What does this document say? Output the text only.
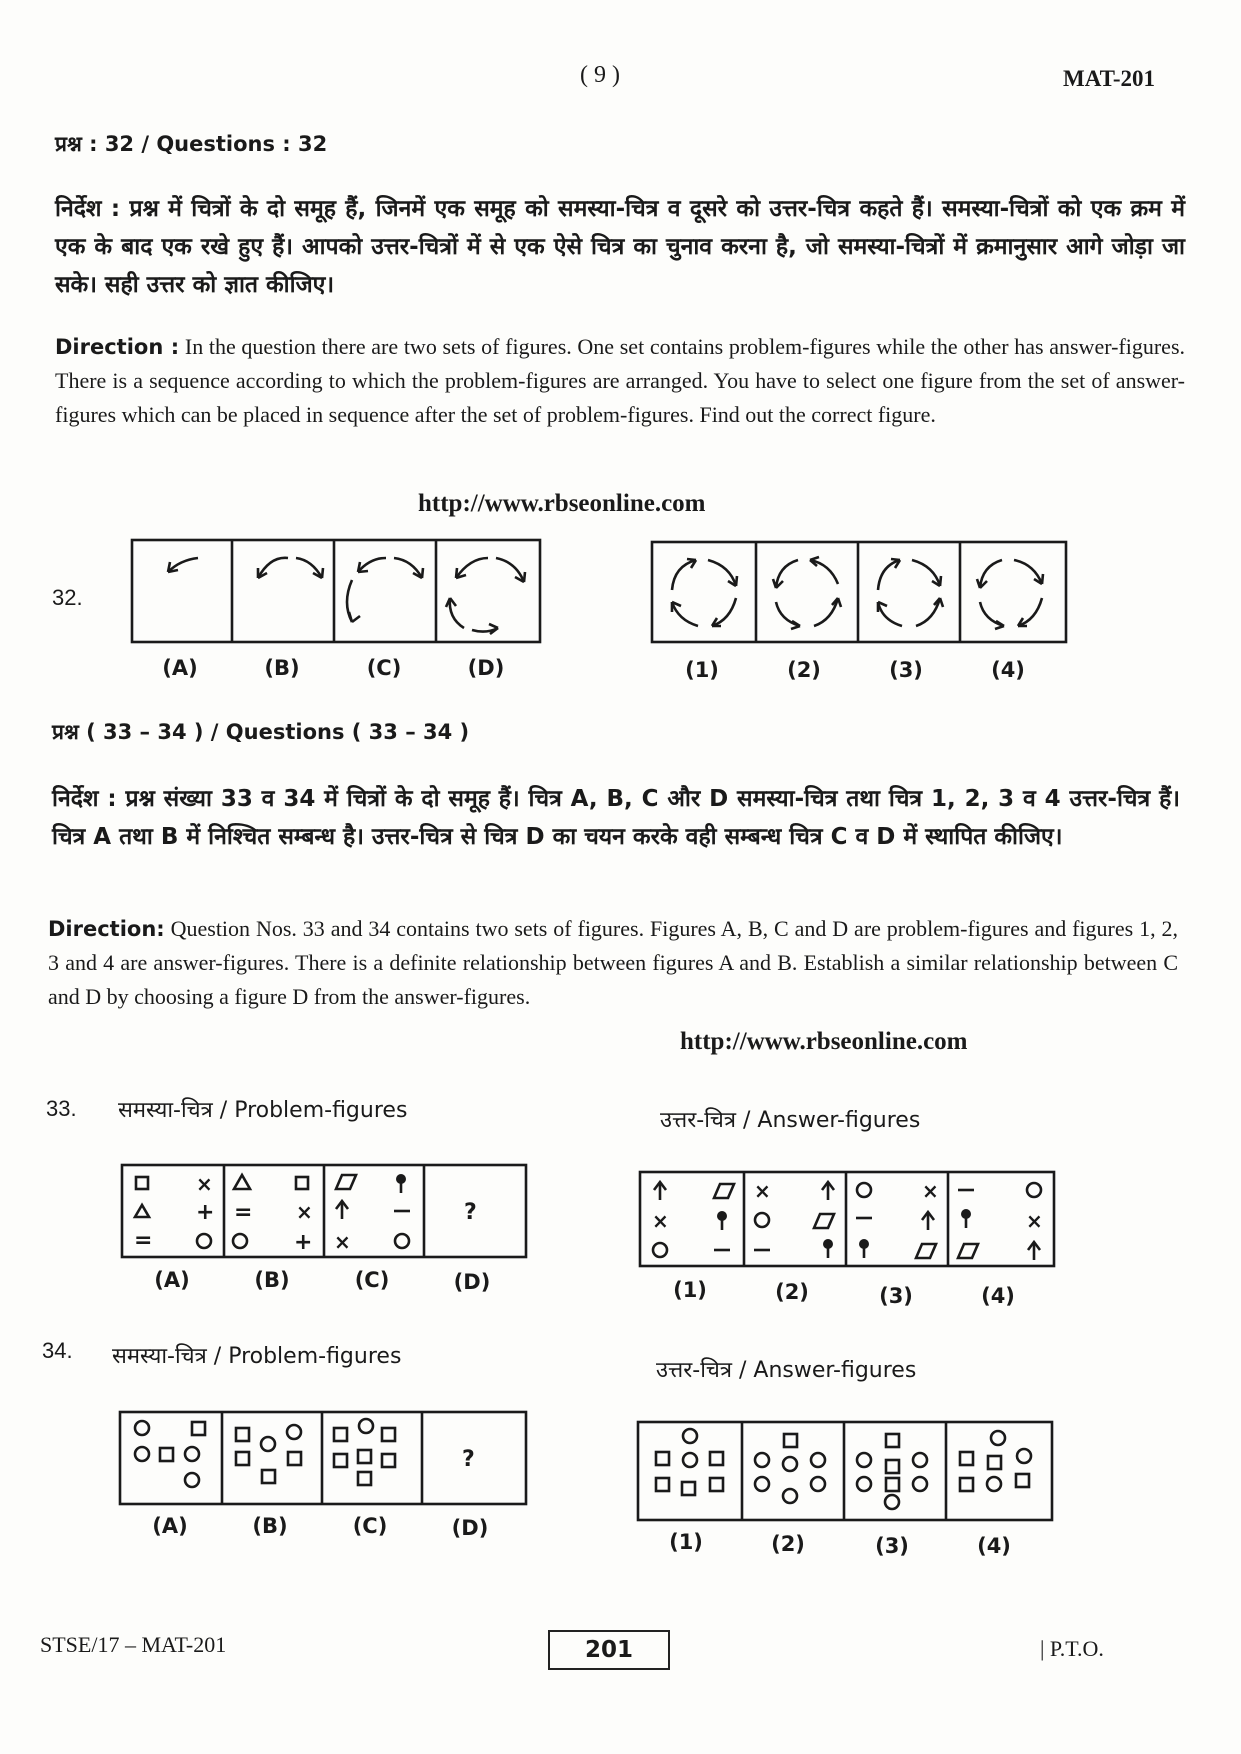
( 9 )	MAT-201
प्रश्न : 32 / Questions : 32
निर्देश : प्रश्न में चित्रों के दो समूह हैं, जिनमें एक समूह को समस्या-चित्र व दूसरे को उत्तर-चित्र कहते हैं। समस्या-चित्रों को एक क्रम में एक के बाद एक रखे हुए हैं। आपको उत्तर-चित्रों में से एक ऐसे चित्र का चुनाव करना है, जो समस्या-चित्रों में क्रमानुसार आगे जोड़ा जा सके। सही उत्तर को ज्ञात कीजिए।
Direction : In the question there are two sets of figures. One set contains problem-figures while the other has answer-figures. There is a sequence according to which the problem-figures are arranged. You have to select one figure from the set of answer-figures which can be placed in sequence after the set of problem-figures. Find out the correct figure.
http://www.rbseonline.com
32.
(A)	(B)	(C)	(D)	(1)	(2)	(3)	(4)
प्रश्न ( 33 – 34 ) / Questions ( 33 – 34 )
निर्देश : प्रश्न संख्या 33 व 34 में चित्रों के दो समूह हैं। चित्र A, B, C और D समस्या-चित्र तथा चित्र 1, 2, 3 व 4 उत्तर-चित्र हैं। चित्र A तथा B में निश्चित सम्बन्ध है। उत्तर-चित्र से चित्र D का चयन करके वही सम्बन्ध चित्र C व D में स्थापित कीजिए।
Direction: Question Nos. 33 and 34 contains two sets of figures. Figures A, B, C and D are problem-figures and figures 1, 2, 3 and 4 are answer-figures. There is a definite relationship between figures A and B. Establish a similar relationship between C and D by choosing a figure D from the answer-figures.
http://www.rbseonline.com
33. समस्या-चित्र / Problem-figures	उत्तर-चित्र / Answer-figures
×
+
=
= ×
+ ×
?
(A)	(B)	(C)	(D)
×
×	×
×
(1)	(2)	(3)	(4)
34. समस्या-चित्र / Problem-figures
उत्तर-चित्र / Answer-figures
?
(A)	(B)	(C)	(D)
(1)	(2)	(3)	(4)
STSE/17 – MAT-201	201	| P.T.O.
